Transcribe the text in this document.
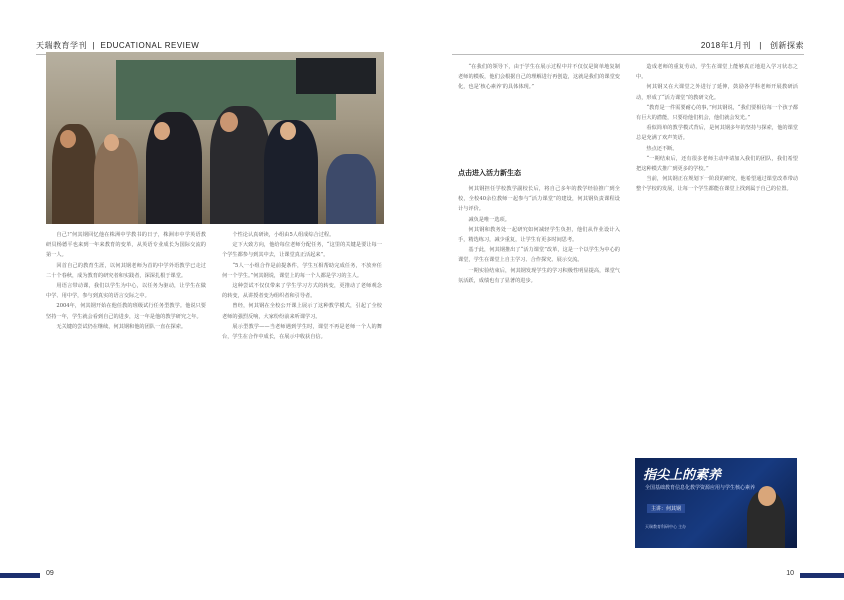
天瑞教育学刊  |  EDUCATIONAL REVIEW

自己!”何其钢回忆他在株洲中学教书的日子，株洲市中学英语教研员杨德平也来到一年来教育的变革，从英语专业成长为国际交流的第一人。

回首自己的教育生涯，以何其钢老师为首的中学外语教学已走过二十个春秋，成为教育的研究者和实践者，深深扎根于课堂。

用语言带动课，我们以学生为中心，以任务为驱动，让学生在做中学、用中学，参与到真实的语言交际之中。

2004年，何其钢开始在他任教的班级试行任务型教学。他说只要坚持一年，学生就会看到自己的进步，这一年是他的教学研究之年。

无关键的尝试仍在继续，何其钢和他的团队一直在探索。

个性论认真研读，小组由5人组成综合过程。

定下大致方向，他给每位老师分配任务，“这里的关键是要让每一个学生都参与到其中去，让课堂真正活起来”。

“5人一小组合作是前提条件，学生互相帮助完成任务，不放弃任何一个学生。”何其钢说，课堂上的每一个人都是学习的主人。

这种尝试不仅仅带来了学生学习方式的转变，更推动了老师观念的转变，从讲授者变为组织者和引导者。

曾经，何其钢在全校公开课上展示了这种教学模式，引起了全校老师的强烈反响，大家纷纷前来听课学习。

展示型教学——当老师遇到学生时，课堂不再是老师一个人的舞台，学生在合作中成长，在展示中收获自信。

09
2018年1月刊   |   创新探索

“在我们的领导下，由于学生在展示过程中并不仅仅是简单地复制老师的模板，他们会根据自己的理解进行再创造，这就是我们的课堂变化，也是‘核心素养’的具体体现。”

点击进入活力新生态

何其钢担任学校教学副校长后，将自己多年的教学经验推广到全校，全校40余位教师一起参与“活力课堂”的建设，何其钢负责课程设计与评价。

减负是唯一选项。

何其钢和教务处一起研究如何减轻学生负担，他们从作业设计入手，精选练习，减少重复，让学生有更多时间思考。

基于此，何其钢推出了“活力课堂”改革，这是一个以学生为中心的课堂，学生在课堂上自主学习、合作探究、展示交流。

一期实验结束后，何其钢发现学生的学习积极性明显提高，课堂气氛活跃，成绩也有了显著的进步。

造成老师的重复劳动，学生在课堂上能够真正地进入学习状态之中。

何其钢又在大课堂之外进行了延伸，鼓励各学科老师开展教研活动，形成了“活力课堂”的教研文化。

“教育是一件需要耐心的事，”何其钢说，“我们要相信每一个孩子都有巨大的潜能，只要给他们机会，他们就会发光。”

看似简单的教学模式背后，是何其钢多年的坚持与探索，他的课堂总是充满了欢声笑语。

热点还不断。

“一期结束后，还有很多老师主动申请加入我们的团队，我们希望把这种模式推广到更多的学校。”

当前，何其钢正在规划下一阶段的研究，他希望通过课堂改革带动整个学校的发展，让每一个学生都能在课堂上找到属于自己的位置。

指尖上的素养
全国基础教育信息化教学资源应用与学生核心素养
主讲：何其钢
天瑞教育科研中心 主办
10
